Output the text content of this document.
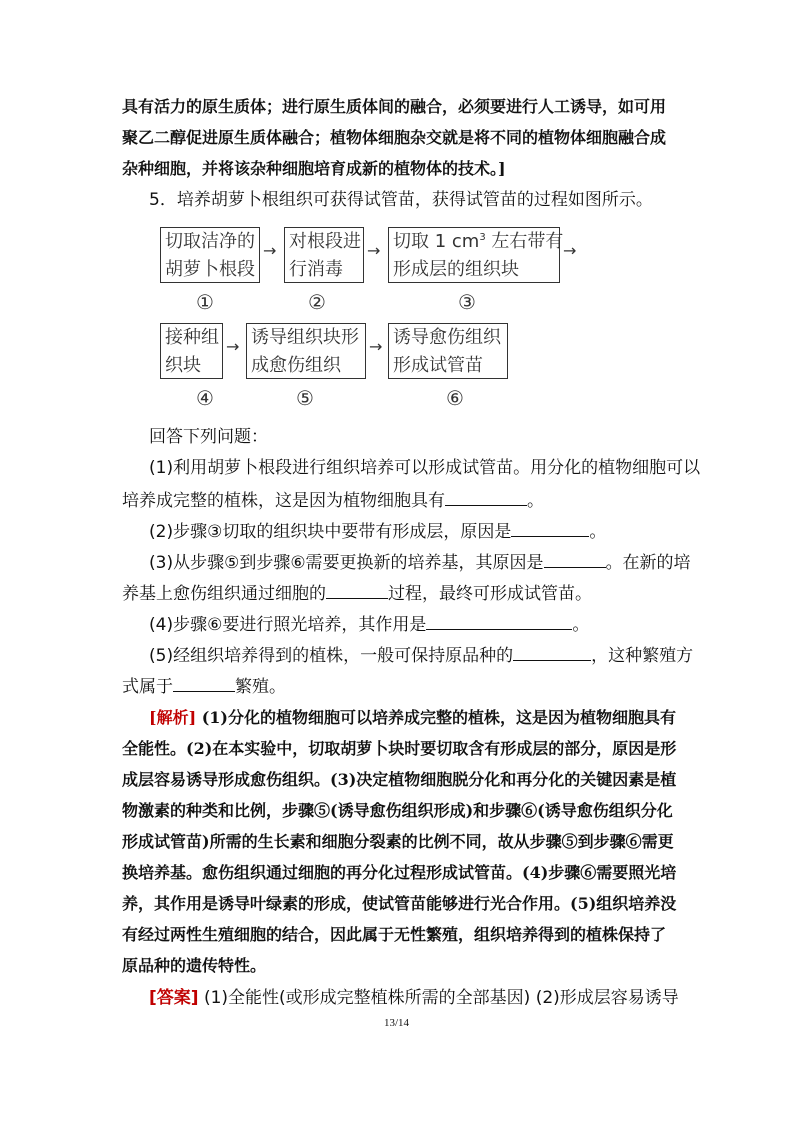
具有活力的原生质体；进行原生质体间的融合，必须要进行人工诱导，如可用
聚乙二醇促进原生质体融合；植物体细胞杂交就是将不同的植物体细胞融合成
杂种细胞，并将该杂种细胞培育成新的植物体的技术。]
5．培养胡萝卜根组织可获得试管苗，获得试管苗的过程如图所示。
切取洁净的
胡萝卜根段
→ 对根段进
行消毒
→ 切取 1 $cm^3$ 左右带有
形成层的组织块
→
①	②	③
接种组
织块
→ 诱导组织块形
成愈伤组织
→ 诱导愈伤组织
形成试管苗
④	⑤	⑥
回答下列问题：
(1)利用胡萝卜根段进行组织培养可以形成试管苗。用分化的植物细胞可以
培养成完整的植株，这是因为植物细胞具有	。
(2)步骤③切取的组织块中要带有形成层，原因是	。
(3)从步骤⑤到步骤⑥需要更换新的培养基，其原因是	。在新的培
养基上愈伤组织通过细胞的	过程，最终可形成试管苗。
(4)步骤⑥要进行照光培养，其作用是	。
(5)经组织培养得到的植株，一般可保持原品种的	，这种繁殖方
式属于	繁殖。
[解析] (1)分化的植物细胞可以培养成完整的植株，这是因为植物细胞具有
全能性。(2)在本实验中，切取胡萝卜块时要切取含有形成层的部分，原因是形
成层容易诱导形成愈伤组织。(3)决定植物细胞脱分化和再分化的关键因素是植
物激素的种类和比例，步骤⑤(诱导愈伤组织形成)和步骤⑥(诱导愈伤组织分化
形成试管苗)所需的生长素和细胞分裂素的比例不同，故从步骤⑤到步骤⑥需更
换培养基。愈伤组织通过细胞的再分化过程形成试管苗。(4)步骤⑥需要照光培
养，其作用是诱导叶绿素的形成，使试管苗能够进行光合作用。(5)组织培养没
有经过两性生殖细胞的结合，因此属于无性繁殖，组织培养得到的植株保持了
原品种的遗传特性。
[答案] (1)全能性(或形成完整植株所需的全部基因) (2)形成层容易诱导
13/14
